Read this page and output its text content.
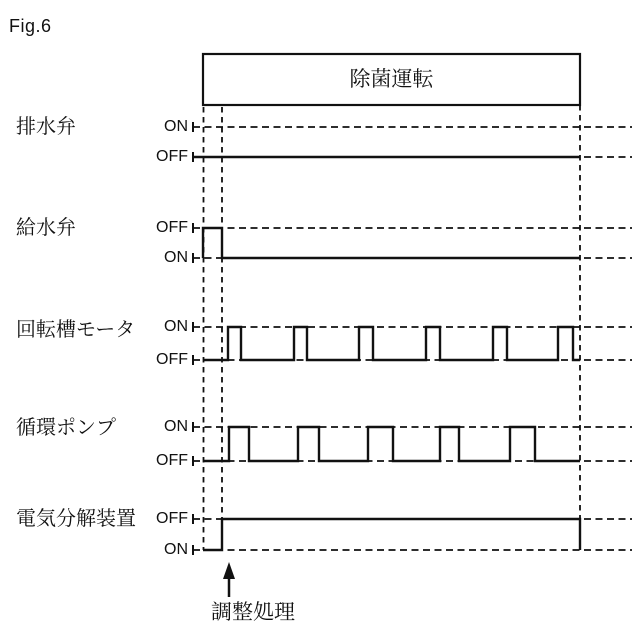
Fig.6
除菌運転
排水弁	ON
OFF
給水弁	OFF
ON
回転槽モータ	ON
OFF
循環ポンプ	ON
OFF
電気分解装置	OFF
ON
調整処理
